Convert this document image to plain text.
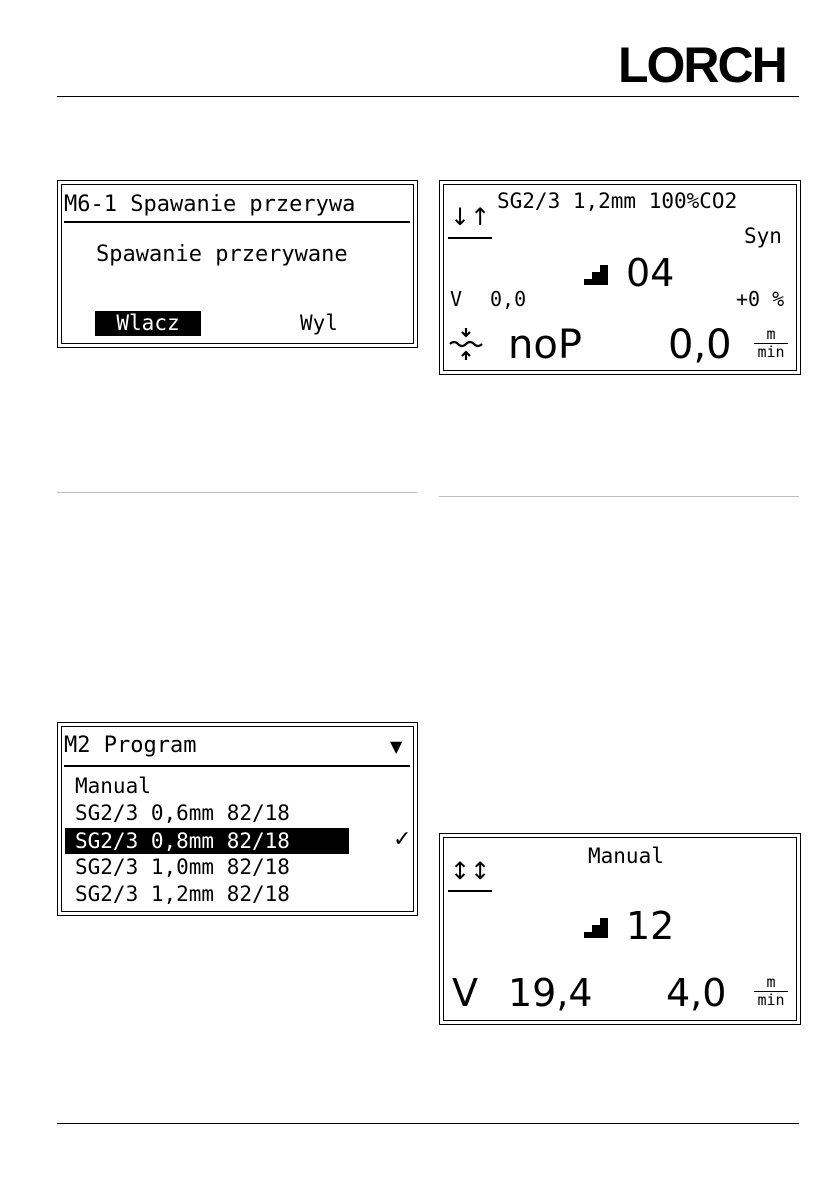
LORCH
M6-1 Spawanie przerywa
Spawanie przerywane
Wlacz	Wyl
↓↑
SG2/3 1,2mm 100%CO2
Syn
04
V 0,0	+0 %
noP 0,0	m
min
M2 Program	▼
Manual
SG2/3 0,6mm 82/18
SG2/3 0,8mm 82/18	✓
SG2/3 1,0mm 82/18
SG2/3 1,2mm 82/18
↕↕
Manual
12
V 19,4 4,0	m
min
